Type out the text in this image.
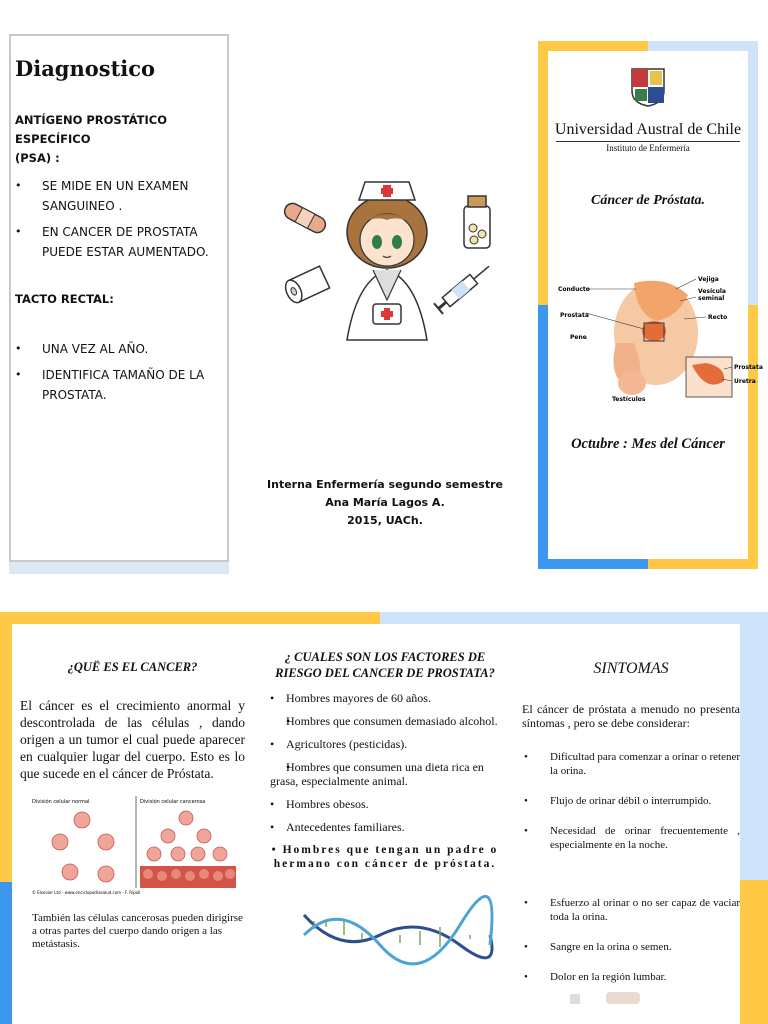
Diagnostico
ANTÍGENO PROSTÁTICO ESPECÍFICO
(PSA) :
• SE MIDE EN UN EXAMEN SANGUINEO .
• EN CANCER DE PROSTATA PUEDE ESTAR AUMENTADO.
TACTO RECTAL:
• UNA VEZ AL AÑO.
• IDENTIFICA TAMAÑO DE LA PROSTATA.
Interna Enfermería segundo semestre
Ana María Lagos A.
2015, UACh.
Universidad Austral de Chile
Instituto de Enfermería
Cáncer de Próstata.
Conducto
Vejiga
Vesícula
seminal
Prostata	Recto
Pene
Testículos
Prostata
Uretra
Octubre : Mes del Cáncer
¿QUË ES EL CANCER?
El cáncer es el crecimiento anormal y descontrolada de las células , dando origen a un tumor el cual puede aparecer en cualquier lugar del cuerpo. Esto es lo que sucede en el cáncer de Próstata.
División celular normal	División celular cancerosa
© Elsevier Ltd - www.enciclopediasalud.com - F. Ripoll
También las células cancerosas pueden dirigirse a otras partes del cuerpo dando origen a las metástasis.
¿ CUALES SON LOS FACTORES DE RIESGO DEL CANCER DE PROSTATA?
• Hombres mayores de 60 años.
• Hombres que consumen demasiado alcohol.
• Agricultores (pesticidas).
• Hombres que consumen una dieta rica en grasa, especialmente animal.
• Hombres obesos.
• Antecedentes familiares.
• Hombres que tengan un padre o hermano con cáncer de próstata.
SINTOMAS
El cáncer de próstata a menudo no presenta síntomas , pero se debe considerar:
• Dificultad para comenzar a orinar o retener la orina.
• Flujo de orinar débil o interrumpido.
• Necesidad de orinar frecuentemente , especialmente en la noche.
• Esfuerzo al orinar o no ser capaz de vaciar toda la orina.
• Sangre en la orina o semen.
• Dolor en la región lumbar.
